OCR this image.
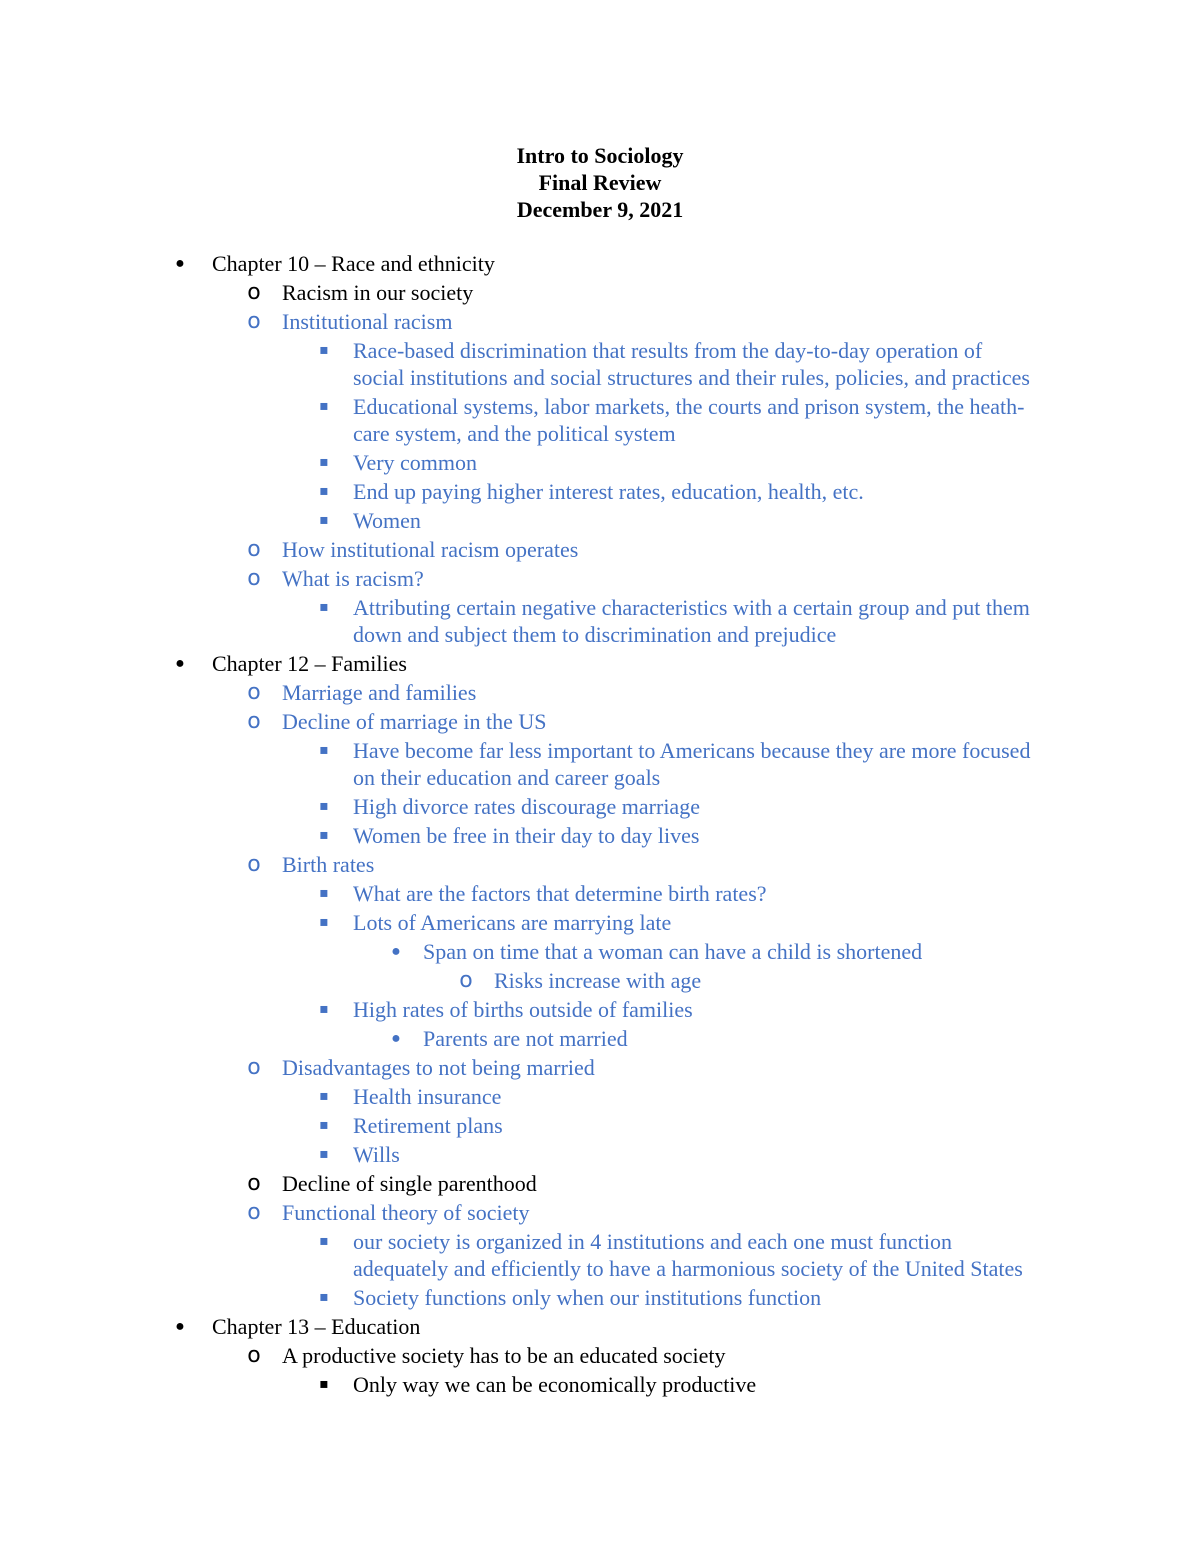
Intro to Sociology
Final Review
December 9, 2021
●	Chapter 10 – Race and ethnicity
o Racism in our society
o Institutional racism
▪	Race-based discrimination that results from the day-to-day operation of social institutions and social structures and their rules, policies, and practices
▪	Educational systems, labor markets, the courts and prison system, the heath-care system, and the political system
▪	Very common
▪	End up paying higher interest rates, education, health, etc.
▪	Women
o How institutional racism operates
o What is racism?
▪	Attributing certain negative characteristics with a certain group and put them down and subject them to discrimination and prejudice
●	Chapter 12 – Families
o Marriage and families
o Decline of marriage in the US
▪	Have become far less important to Americans because they are more focused on their education and career goals
▪	High divorce rates discourage marriage
▪	Women be free in their day to day lives
o Birth rates
▪	What are the factors that determine birth rates?
▪	Lots of Americans are marrying late
●	Span on time that a woman can have a child is shortened
o Risks increase with age
▪	High rates of births outside of families
●	Parents are not married
o Disadvantages to not being married
▪	Health insurance
▪	Retirement plans
▪	Wills
o Decline of single parenthood
o Functional theory of society
▪	our society is organized in 4 institutions and each one must function adequately and efficiently to have a harmonious society of the United States
▪	Society functions only when our institutions function
●	Chapter 13 – Education
o A productive society has to be an educated society
▪	Only way we can be economically productive
